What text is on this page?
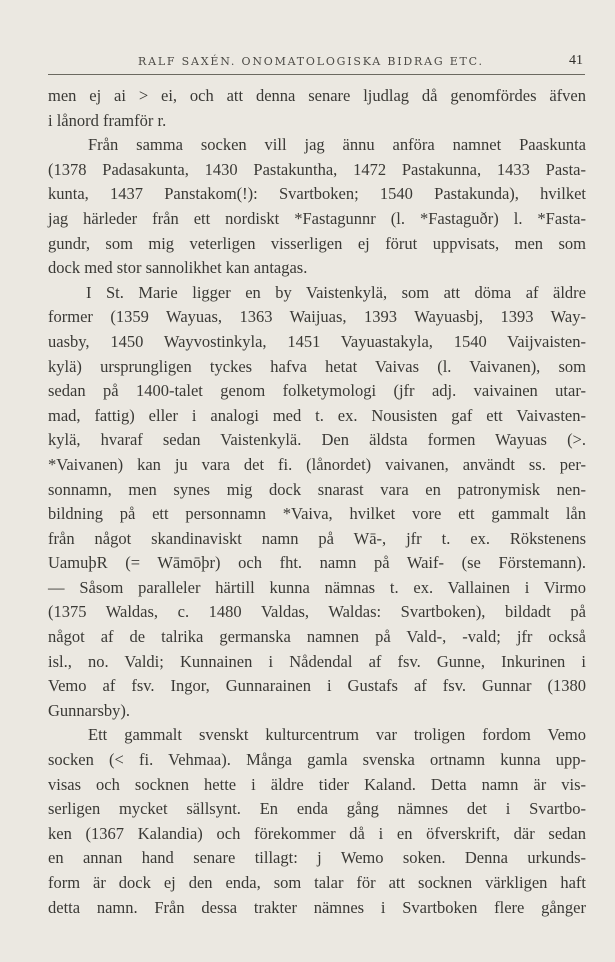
RALF SAXÉN. ONOMATOLOGISKA BIDRAG ETC.	41
men ej ai > ei, och att denna senare ljudlag då genomfördes äfven
i lånord framför r.
Från samma socken vill jag ännu anföra namnet Paaskunta
(1378 Padasakunta, 1430 Pastakuntha, 1472 Pastakunna, 1433 Pasta-
kunta, 1437 Panstakom(!): Svartboken; 1540 Pastakunda), hvilket
jag härleder från ett nordiskt *Fastagunnr (l. *Fastaguðr) l. *Fasta-
gundr, som mig veterligen visserligen ej förut uppvisats, men som
dock med stor sannolikhet kan antagas.
I St. Marie ligger en by Vaistenkylä, som att döma af äldre
former (1359 Wayuas, 1363 Waijuas, 1393 Wayuasbj, 1393 Way-
uasby, 1450 Wayvostinkyla, 1451 Vayuastakyla, 1540 Vaijvaisten-
kylä) ursprungligen tyckes hafva hetat Vaivas (l. Vaivanen), som
sedan på 1400-talet genom folketymologi (jfr adj. vaivainen utar-
mad, fattig) eller i analogi med t. ex. Nousisten gaf ett Vaivasten-
kylä, hvaraf sedan Vaistenkylä. Den äldsta formen Wayuas (>.
*Vaivanen) kan ju vara det fi. (lånordet) vaivanen, användt ss. per-
sonnamn, men synes mig dock snarast vara en patronymisk nen-
bildning på ett personnamn *Vaiva, hvilket vore ett gammalt lån
från något skandinaviskt namn på Wā-, jfr t. ex. Rökstenens
UamuþR (= Wāmōþr) och fht. namn på Waif- (se Förstemann).
— Såsom paralleler härtill kunna nämnas t. ex. Vallainen i Virmo
(1375 Waldas, c. 1480 Valdas, Waldas: Svartboken), bildadt på
något af de talrika germanska namnen på Vald-, -vald; jfr också
isl., no. Valdi; Kunnainen i Nådendal af fsv. Gunne, Inkurinen i
Vemo af fsv. Ingor, Gunnarainen i Gustafs af fsv. Gunnar (1380
Gunnarsby).
Ett gammalt svenskt kulturcentrum var troligen fordom Vemo
socken (< fi. Vehmaa). Många gamla svenska ortnamn kunna upp-
visas och socknen hette i äldre tider Kaland. Detta namn är vis-
serligen mycket sällsynt. En enda gång nämnes det i Svartbo-
ken (1367 Kalandia) och förekommer då i en öfverskrift, där sedan
en annan hand senare tillagt: j Wemo soken. Denna urkunds-
form är dock ej den enda, som talar för att socknen värkligen haft
detta namn. Från dessa trakter nämnes i Svartboken flere gånger
